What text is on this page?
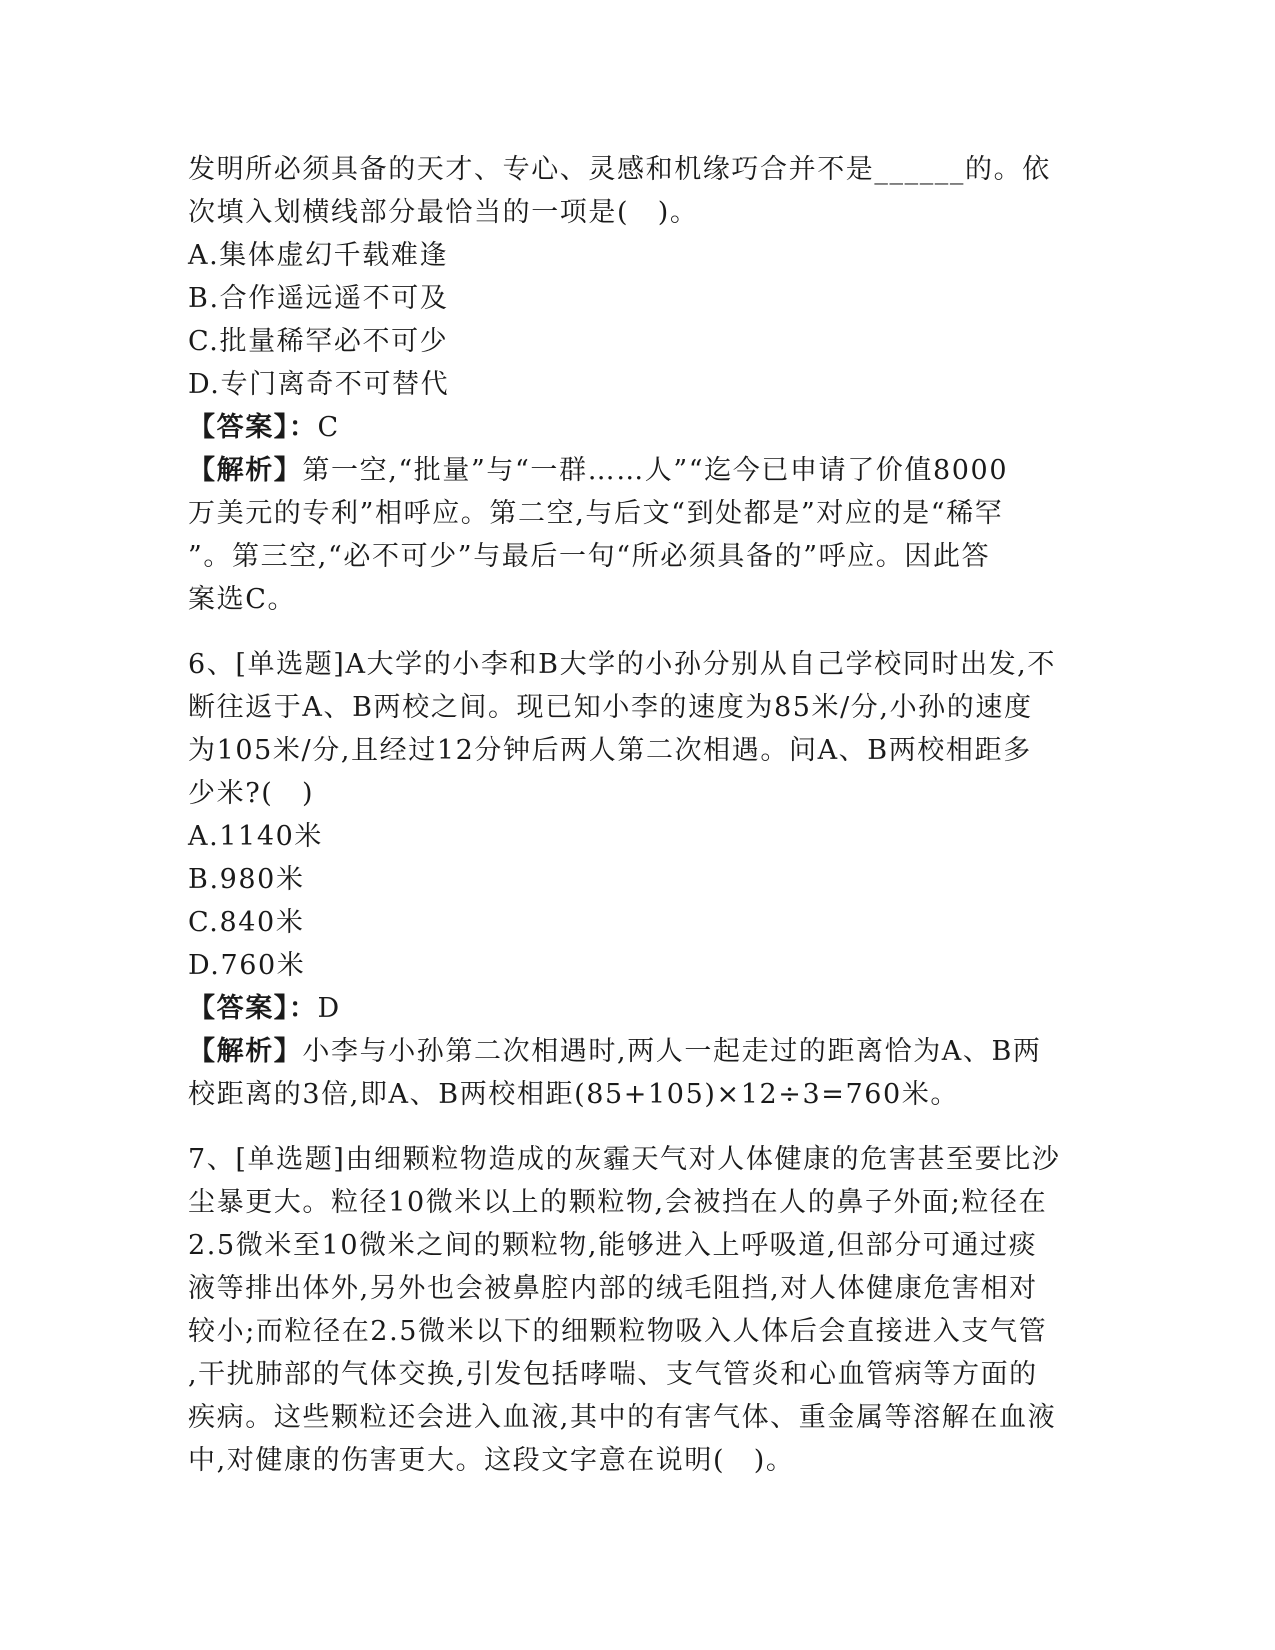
发明所必须具备的天才、专心、灵感和机缘巧合并不是______的。依
次填入划横线部分最恰当的一项是(　)。
A.集体虚幻千载难逢
B.合作遥远遥不可及
C.批量稀罕必不可少
D.专门离奇不可替代
【答案】：C
【解析】第一空,“批量”与“一群……人”“迄今已申请了价值8000
万美元的专利”相呼应。第二空,与后文“到处都是”对应的是“稀罕
”。第三空,“必不可少”与最后一句“所必须具备的”呼应。因此答
案选C。
6、[单选题]A大学的小李和B大学的小孙分别从自己学校同时出发,不
断往返于A、B两校之间。现已知小李的速度为85米/分,小孙的速度
为105米/分,且经过12分钟后两人第二次相遇。问A、B两校相距多
少米?(　)
A.1140米
B.980米
C.840米
D.760米
【答案】：D
【解析】小李与小孙第二次相遇时,两人一起走过的距离恰为A、B两
校距离的3倍,即A、B两校相距(85+105)×12÷3=760米。
7、[单选题]由细颗粒物造成的灰霾天气对人体健康的危害甚至要比沙
尘暴更大。粒径10微米以上的颗粒物,会被挡在人的鼻子外面;粒径在
2.5微米至10微米之间的颗粒物,能够进入上呼吸道,但部分可通过痰
液等排出体外,另外也会被鼻腔内部的绒毛阻挡,对人体健康危害相对
较小;而粒径在2.5微米以下的细颗粒物吸入人体后会直接进入支气管
,干扰肺部的气体交换,引发包括哮喘、支气管炎和心血管病等方面的
疾病。这些颗粒还会进入血液,其中的有害气体、重金属等溶解在血液
中,对健康的伤害更大。这段文字意在说明(　)。
